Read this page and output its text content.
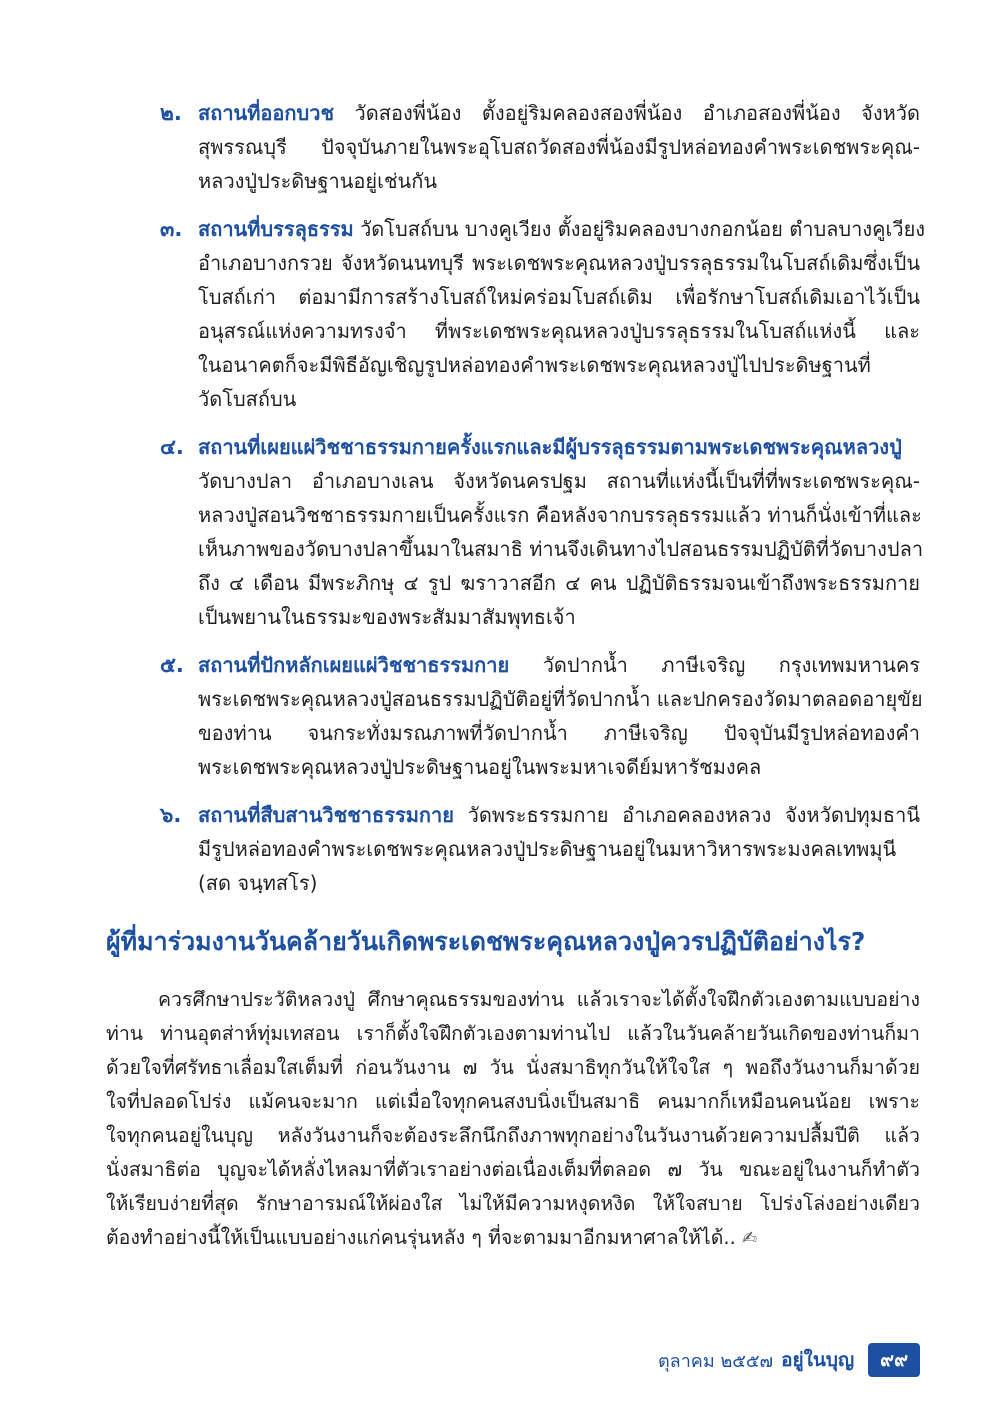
๒. สถานที่ออกบวช วัดสองพี่น้อง ตั้งอยู่ริมคลองสองพี่น้อง อำเภอสองพี่น้อง จังหวัด
สุพรรณบุรี ปัจจุบันภายในพระอุโบสถวัดสองพี่น้องมีรูปหล่อทองคำพระเดชพระคุณ-
หลวงปู่ประดิษฐานอยู่เช่นกัน
๓. สถานที่บรรลุธรรม วัดโบสถ์บน บางคูเวียง ตั้งอยู่ริมคลองบางกอกน้อย ตำบลบางคูเวียง
อำเภอบางกรวย จังหวัดนนทบุรี พระเดชพระคุณหลวงปู่บรรลุธรรมในโบสถ์เดิมซึ่งเป็น
โบสถ์เก่า ต่อมามีการสร้างโบสถ์ใหม่คร่อมโบสถ์เดิม เพื่อรักษาโบสถ์เดิมเอาไว้เป็น
อนุสรณ์แห่งความทรงจำ ที่พระเดชพระคุณหลวงปู่บรรลุธรรมในโบสถ์แห่งนี้ และ
ในอนาคตก็จะมีพิธีอัญเชิญรูปหล่อทองคำพระเดชพระคุณหลวงปู่ไปประดิษฐานที่
วัดโบสถ์บน
๔. สถานที่เผยแผ่วิชชาธรรมกายครั้งแรกและมีผู้บรรลุธรรมตามพระเดชพระคุณหลวงปู่
วัดบางปลา อำเภอบางเลน จังหวัดนครปฐม สถานที่แห่งนี้เป็นที่ที่พระเดชพระคุณ-
หลวงปู่สอนวิชชาธรรมกายเป็นครั้งแรก คือหลังจากบรรลุธรรมแล้ว ท่านก็นั่งเข้าที่และ
เห็นภาพของวัดบางปลาขึ้นมาในสมาธิ ท่านจึงเดินทางไปสอนธรรมปฏิบัติที่วัดบางปลา
ถึง ๔ เดือน มีพระภิกษุ ๔ รูป ฆราวาสอีก ๔ คน ปฏิบัติธรรมจนเข้าถึงพระธรรมกาย
เป็นพยานในธรรมะของพระสัมมาสัมพุทธเจ้า
๕. สถานที่ปักหลักเผยแผ่วิชชาธรรมกาย วัดปากน้ำ ภาษีเจริญ กรุงเทพมหานคร
พระเดชพระคุณหลวงปู่สอนธรรมปฏิบัติอยู่ที่วัดปากน้ำ และปกครองวัดมาตลอดอายุขัย
ของท่าน จนกระทั่งมรณภาพที่วัดปากน้ำ ภาษีเจริญ ปัจจุบันมีรูปหล่อทองคำ
พระเดชพระคุณหลวงปู่ประดิษฐานอยู่ในพระมหาเจดีย์มหารัชมงคล
๖. สถานที่สืบสานวิชชาธรรมกาย วัดพระธรรมกาย อำเภอคลองหลวง จังหวัดปทุมธานี
มีรูปหล่อทองคำพระเดชพระคุณหลวงปู่ประดิษฐานอยู่ในมหาวิหารพระมงคลเทพมุนี
(สด จนฺทสโร)
ผู้ที่มาร่วมงานวันคล้ายวันเกิดพระเดชพระคุณหลวงปู่ควรปฏิบัติอย่างไร?
ควรศึกษาประวัติหลวงปู่ ศึกษาคุณธรรมของท่าน แล้วเราจะได้ตั้งใจฝึกตัวเองตามแบบอย่าง
ท่าน ท่านอุตส่าห์ทุ่มเทสอน เราก็ตั้งใจฝึกตัวเองตามท่านไป แล้วในวันคล้ายวันเกิดของท่านก็มา
ด้วยใจที่ศรัทธาเลื่อมใสเต็มที่ ก่อนวันงาน ๗ วัน นั่งสมาธิทุกวันให้ใจใส ๆ พอถึงวันงานก็มาด้วย
ใจที่ปลอดโปร่ง แม้คนจะมาก แต่เมื่อใจทุกคนสงบนิ่งเป็นสมาธิ คนมากก็เหมือนคนน้อย เพราะ
ใจทุกคนอยู่ในบุญ หลังวันงานก็จะต้องระลึกนึกถึงภาพทุกอย่างในวันงานด้วยความปลื้มปีติ แล้ว
นั่งสมาธิต่อ บุญจะได้หลั่งไหลมาที่ตัวเราอย่างต่อเนื่องเต็มที่ตลอด ๗ วัน ขณะอยู่ในงานก็ทำตัว
ให้เรียบง่ายที่สุด รักษาอารมณ์ให้ผ่องใส ไม่ให้มีความหงุดหงิด ให้ใจสบาย โปร่งโล่งอย่างเดียว
ต้องทำอย่างนี้ให้เป็นแบบอย่างแก่คนรุ่นหลัง ๆ ที่จะตามมาอีกมหาศาลให้ได้.. ✍
ตุลาคม ๒๕๕๗ อยู่ในบุญ	๙๙
